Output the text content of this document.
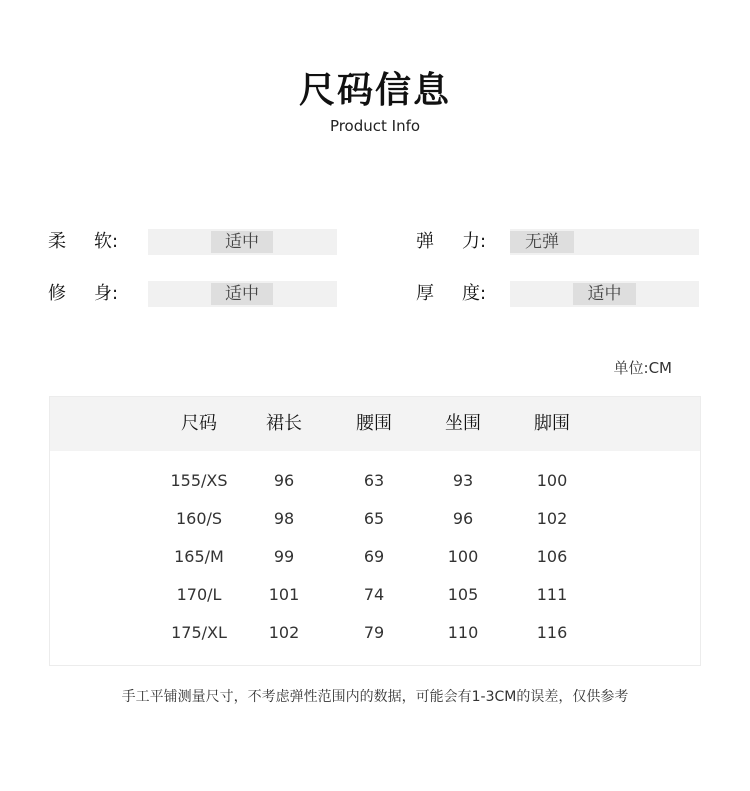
尺码信息
Product Info
柔 软:	适中	弹 力:	无弹
修 身:	适中	厚 度:	适中
单位:CM
尺码	裙长	腰围	坐围	脚围
155/XS	96	63	93	100
160/S	98	65	96	102
165/M	99	69	100	106
170/L	101	74	105	111
175/XL	102	79	110	116
手工平铺测量尺寸，不考虑弹性范围内的数据，可能会有1-3CM的误差，仅供参考
